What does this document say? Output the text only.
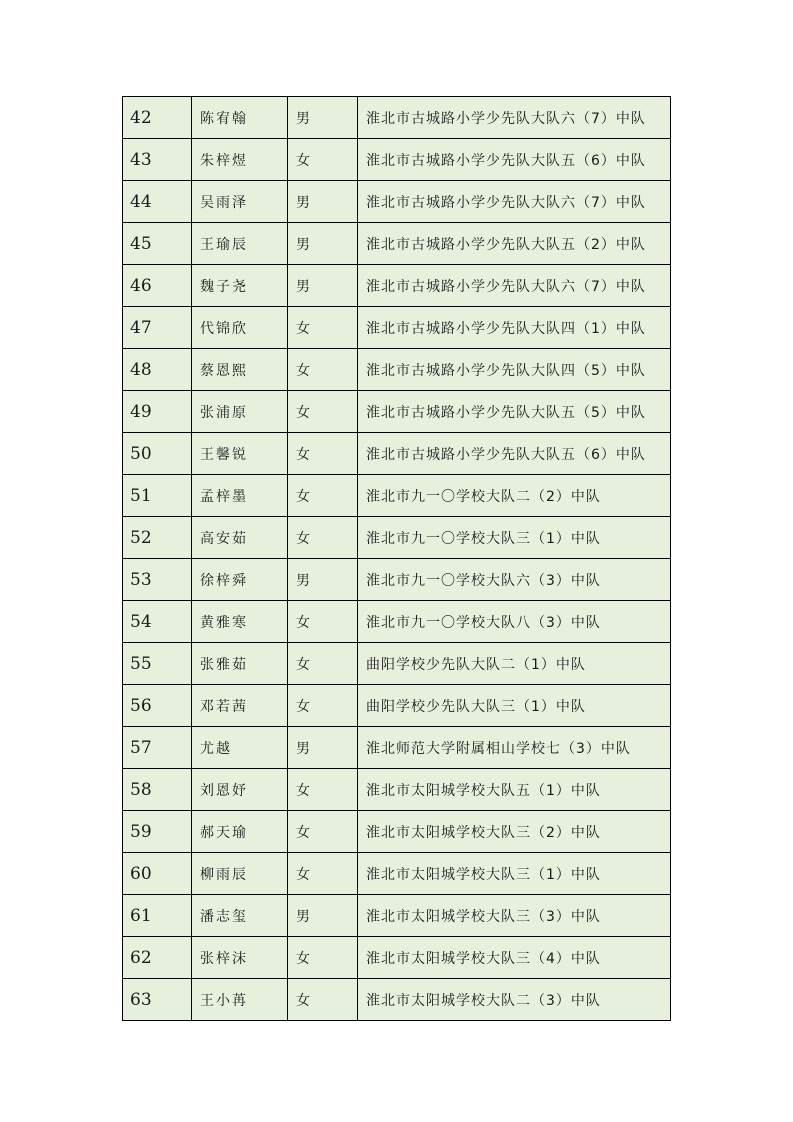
42	陈宥翰	男	淮北市古城路小学少先队大队六（7）中队
43	朱梓煜	女	淮北市古城路小学少先队大队五（6）中队
44	吴雨泽	男	淮北市古城路小学少先队大队六（7）中队
45	王瑜辰	男	淮北市古城路小学少先队大队五（2）中队
46	魏子尧	男	淮北市古城路小学少先队大队六（7）中队
47	代锦欣	女	淮北市古城路小学少先队大队四（1）中队
48	蔡恩熙	女	淮北市古城路小学少先队大队四（5）中队
49	张浦原	女	淮北市古城路小学少先队大队五（5）中队
50	王馨锐	女	淮北市古城路小学少先队大队五（6）中队
51	孟梓墨	女	淮北市九一〇学校大队二（2）中队
52	高安茹	女	淮北市九一〇学校大队三（1）中队
53	徐梓舜	男	淮北市九一〇学校大队六（3）中队
54	黄雅寒	女	淮北市九一〇学校大队八（3）中队
55	张雅茹	女	曲阳学校少先队大队二（1）中队
56	邓若茜	女	曲阳学校少先队大队三（1）中队
57	尤越	男	淮北师范大学附属相山学校七（3）中队
58	刘恩妤	女	淮北市太阳城学校大队五（1）中队
59	郝天瑜	女	淮北市太阳城学校大队三（2）中队
60	柳雨辰	女	淮北市太阳城学校大队三（1）中队
61	潘志玺	男	淮北市太阳城学校大队三（3）中队
62	张梓沫	女	淮北市太阳城学校大队三（4）中队
63	王小苒	女	淮北市太阳城学校大队二（3）中队
